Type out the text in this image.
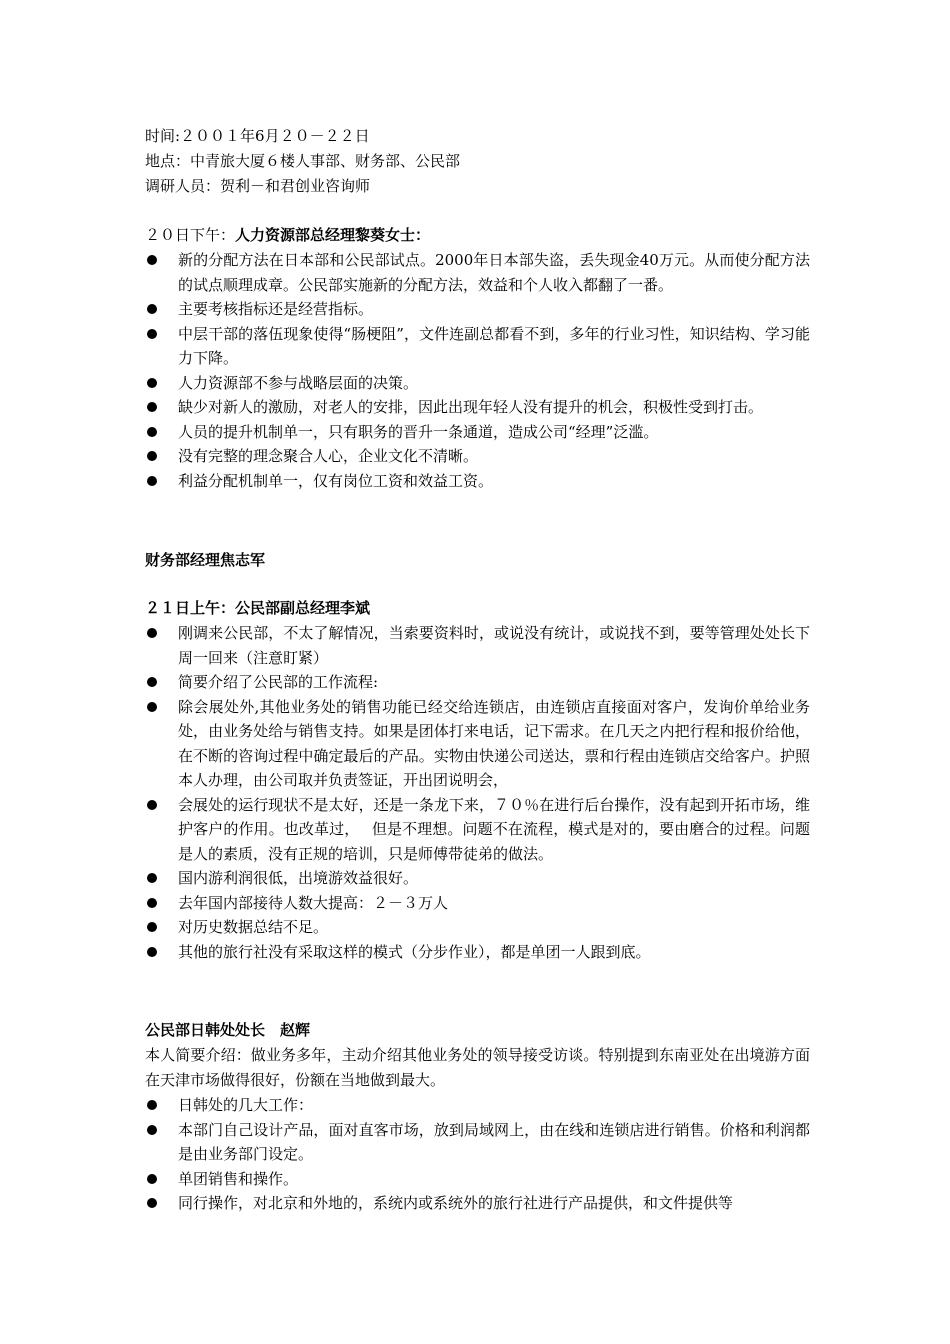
时间:２００１年6月２０－２２日

地点：中青旅大厦６楼人事部、财务部、公民部

调研人员：贺利－和君创业咨询师

２０日下午：人力资源部总经理黎葵女士：

新的分配方法在日本部和公民部试点。2000年日本部失盗，丢失现金40万元。从而使分配方法的试点顺理成章。公民部实施新的分配方法，效益和个人收入都翻了一番。
主要考核指标还是经营指标。
中层干部的落伍现象使得“肠梗阻”，文件连副总都看不到，多年的行业习性，知识结构、学习能力下降。
人力资源部不参与战略层面的决策。
缺少对新人的激励，对老人的安排，因此出现年轻人没有提升的机会，积极性受到打击。
人员的提升机制单一，只有职务的晋升一条通道，造成公司“经理”泛滥。
没有完整的理念聚合人心，企业文化不清晰。
利益分配机制单一，仅有岗位工资和效益工资。

财务部经理焦志军

２１日上午：公民部副总经理李斌

刚调来公民部，不太了解情况，当索要资料时，或说没有统计，或说找不到，要等管理处处长下周一回来（注意盯紧）
简要介绍了公民部的工作流程:
除会展处外,其他业务处的销售功能已经交给连锁店，由连锁店直接面对客户，发询价单给业务处，由业务处给与销售支持。如果是团体打来电话，记下需求。在几天之内把行程和报价给他，在不断的咨询过程中确定最后的产品。实物由快递公司送达，票和行程由连锁店交给客户。护照本人办理，由公司取并负责签证，开出团说明会，
会展处的运行现状不是太好，还是一条龙下来，７０％在进行后台操作，没有起到开拓市场，维护客户的作用。也改革过，　 但是不理想。问题不在流程，模式是对的，要由磨合的过程。问题是人的素质，没有正规的培训，只是师傅带徒弟的做法。
国内游利润很低，出境游效益很好。
去年国内部接待人数大提高：２－３万人
对历史数据总结不足。
其他的旅行社没有采取这样的模式（分步作业），都是单团一人跟到底。

公民部日韩处处长　赵辉

本人简要介绍：做业务多年，主动介绍其他业务处的领导接受访谈。特别提到东南亚处在出境游方面在天津市场做得很好，份额在当地做到最大。

日韩处的几大工作：
本部门自己设计产品，面对直客市场，放到局域网上，由在线和连锁店进行销售。价格和利润都是由业务部门设定。
单团销售和操作。
同行操作，对北京和外地的，系统内或系统外的旅行社进行产品提供，和文件提供等
